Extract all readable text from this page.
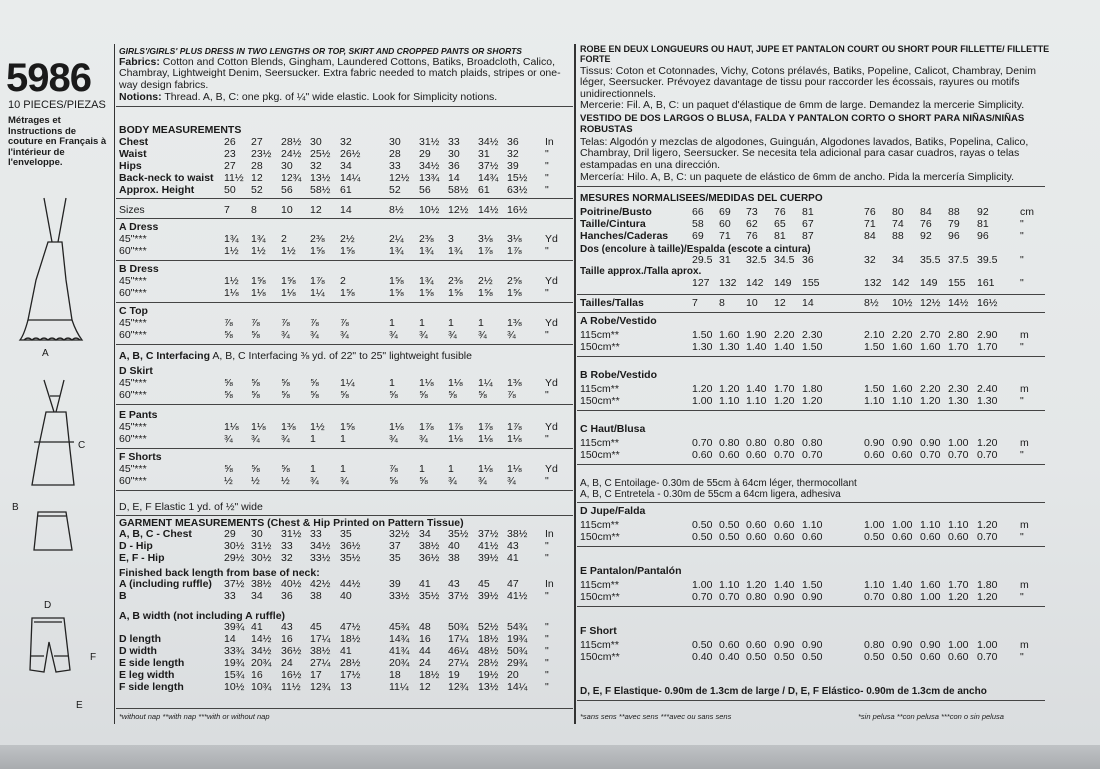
5986
10 PIECES/PIEZAS
Métrages et Instructions de couture en Français à l'intérieur de l'enveloppe.
A
B
C
D
E
F
GIRLS'/GIRLS' PLUS DRESS IN TWO LENGTHS OR TOP, SKIRT AND CROPPED PANTS OR SHORTS
Fabrics: Cotton and Cotton Blends, Gingham, Laundered Cottons, Batiks, Broadcloth, Calico, Chambray, Lightweight Denim, Seersucker. Extra fabric needed to match plaids, stripes or one-way design fabrics.
Notions: Thread. A, B, C: one pkg. of ¼" wide elastic. Look for Simplicity notions.
BODY MEASUREMENTS
A, B, C Interfacing A, B, C Interfacing ⅜ yd. of 22" to 25" lightweight fusible
D, E, F Elastic 1 yd. of ½" wide
GARMENT MEASUREMENTS (Chest & Hip Printed on Pattern Tissue)
Finished back length from base of neck:
A, B width (not including A ruffle)
*without nap **with nap ***with or without nap
ROBE EN DEUX LONGUEURS OU HAUT, JUPE ET PANTALON COURT OU SHORT POUR FILLETTE/ FILLETTE FORTE
Tissus: Coton et Cotonnades, Vichy, Cotons prélavés, Batiks, Popeline, Calicot, Chambray, Denim léger, Seersucker. Prévoyez davantage de tissu pour raccorder les écossais, rayures ou motifs unidirectionnels.
Mercerie: Fil. A, B, C: un paquet d'élastique de 6mm de large. Demandez la mercerie Simplicity.
VESTIDO DE DOS LARGOS O BLUSA, FALDA Y PANTALON CORTO O SHORT PARA NIÑAS/NIÑAS ROBUSTAS
Telas: Algodón y mezclas de algodones, Guinguán, Algodones lavados, Batiks, Popelina, Calico, Chambray, Dril ligero, Seersucker. Se necesita tela adicional para casar cuadros, rayas o telas estampadas en una dirección.
Mercería: Hilo. A, B, C: un paquete de elástico de 6mm de ancho. Pida la mercería Simplicity.
MESURES NORMALISEES/MEDIDAS DEL CUERPO
Dos (encolure à taille)/Espalda (escote a cintura)
Taille approx./Talla aprox.
A, B, C Entoilage- 0.30m de 55cm à 64cm léger, thermocollant
A, B, C Entretela - 0.30m de 55cm a 64cm ligera, adhesiva
D, E, F Elastique- 0.90m de 1.3cm de large / D, E, F Elástico- 0.90m de 1.3cm de ancho
*sans sens **avec sens ***avec ou sans sens	*sin pelusa **con pelusa ***con o sin pelusa
Chest	26 27 28½ 30 32	30 31½ 33 34½ 36	In
Waist	23 23½ 24½ 25½ 26½	28 29 30 31 32	"
Hips	27 28 30 32 34	33 34½ 36 37½ 39	"
Back-neck to waist 11½ 12 12¾ 13½ 14¼	12½ 13¾ 14 14¾ 15½ "
Approx. Height	50 52 56 58½ 61	52 56 58½ 61 63½ "
Sizes	7 8 10 12 14	8½ 10½ 12½ 14½ 16½
A Dress
45"***	1¾ 1¾ 2 2⅜ 2½	2¼ 2⅜ 3 3⅛ 3⅛ Yd
60"***	1½ 1½ 1½ 1⅝ 1⅝	1¾ 1¾ 1¾ 1⅞ 1⅞ "
B Dress
45"***	1½ 1⅝ 1⅝ 1⅞ 2	1⅝ 1¾ 2⅜ 2½ 2⅝ Yd
60"***	1⅛ 1⅛ 1⅛ 1¼ 1⅝	1⅝ 1⅝ 1⅝ 1⅝ 1⅝ "
C Top
45"***	⅞ ⅞ ⅞ ⅞ ⅞	1 1 1 1 1⅜ Yd
60"***	⅝ ⅝ ¾ ¾ ¾	¾ ¾ ¾ ¾ ¾	"
D Skirt
45"***	⅝ ⅝ ⅝ ⅝ 1¼	1 1⅛ 1⅛ 1¼ 1⅜ Yd
60"***	⅝ ⅝ ⅝ ⅝ ⅝	⅝ ⅝ ⅝ ⅝ ⅞	"
E Pants
45"***	1⅛ 1⅛ 1⅜ 1½ 1⅝	1⅛ 1⅞ 1⅞ 1⅞ 1⅞ Yd
60"***	¾ ¾ ¾ 1 1	¾ ¾ 1⅛ 1⅛ 1⅛ "
F Shorts
45"***	⅝ ⅝ ⅝ 1 1	⅞ 1 1 1⅛ 1⅛ Yd
60"***	½ ½ ½ ¾ ¾	⅝ ⅝ ¾ ¾ ¾	"
A, B, C - Chest	29 30 31½ 33 35	32½ 34 35½ 37½ 38½ In
D - Hip	30½ 31½ 33 34½ 36½	37 38½ 40 41½ 43	"
E, F - Hip	29½ 30½ 32 33½ 35½	35 36½ 38 39½ 41	"
A (including ruffle) 37½ 38½ 40½ 42½ 44½	39 41 43 45 47	In
B	33 34 36 38 40	33½ 35½ 37½ 39½ 41½ "
39¾ 41 43 45 47½	45¾ 48 50¾ 52½ 54¾ "
D length	14 14½ 16 17¼ 18½	14¾ 16 17¼ 18½ 19¾ "
D width	33¾ 34½ 36½ 38½ 41	41¾ 44 46¼ 48½ 50¾ "
E side length	19¾ 20¾ 24 27¼ 28½	20¾ 24 27¼ 28½ 29¾ "
E leg width	15¾ 16 16½ 17 17½	18 18½ 19 19½ 20	"
F side length	10½ 10¾ 11½ 12¾ 13	11¼ 12 12¾ 13½ 14¼ "
Poitrine/Busto	66 69 73 76 81	76 80 84 88 92	cm
Taille/Cintura	58 60 62 65 67	71 74 76 79 81	"
Hanches/Caderas 69 71 76 81 87	84 88 92 96 96	"
29.5 31 32.5 34.5 36	32 34 35.5 37.5 39.5 "
127 132 142 149 155	132 142 149 155 161 "
Tailles/Tallas	7 8 10 12 14	8½ 10½ 12½ 14½ 16½
A Robe/Vestido
115cm**	1.50 1.60 1.90 2.20 2.30	2.10 2.20 2.70 2.80 2.90 m
150cm**	1.30 1.30 1.40 1.40 1.50	1.50 1.60 1.60 1.70 1.70 "
B Robe/Vestido
115cm**	1.20 1.20 1.40 1.70 1.80	1.50 1.60 2.20 2.30 2.40 m
150cm**	1.00 1.10 1.10 1.20 1.20	1.10 1.10 1.20 1.30 1.30 "
C Haut/Blusa
115cm**	0.70 0.80 0.80 0.80 0.80	0.90 0.90 0.90 1.00 1.20 m
150cm**	0.60 0.60 0.60 0.70 0.70	0.60 0.60 0.70 0.70 0.70 "
D Jupe/Falda
115cm**	0.50 0.50 0.60 0.60 1.10	1.00 1.00 1.10 1.10 1.20 m
150cm**	0.50 0.50 0.60 0.60 0.60	0.50 0.60 0.60 0.60 0.70 "
E Pantalon/Pantalón
115cm**	1.00 1.10 1.20 1.40 1.50	1.10 1.40 1.60 1.70 1.80 m
150cm**	0.70 0.70 0.80 0.90 0.90	0.70 0.80 1.00 1.20 1.20 "
F Short
115cm**	0.50 0.60 0.60 0.90 0.90	0.80 0.90 0.90 1.00 1.00 m
150cm**	0.40 0.40 0.50 0.50 0.50	0.50 0.50 0.60 0.60 0.70 "
